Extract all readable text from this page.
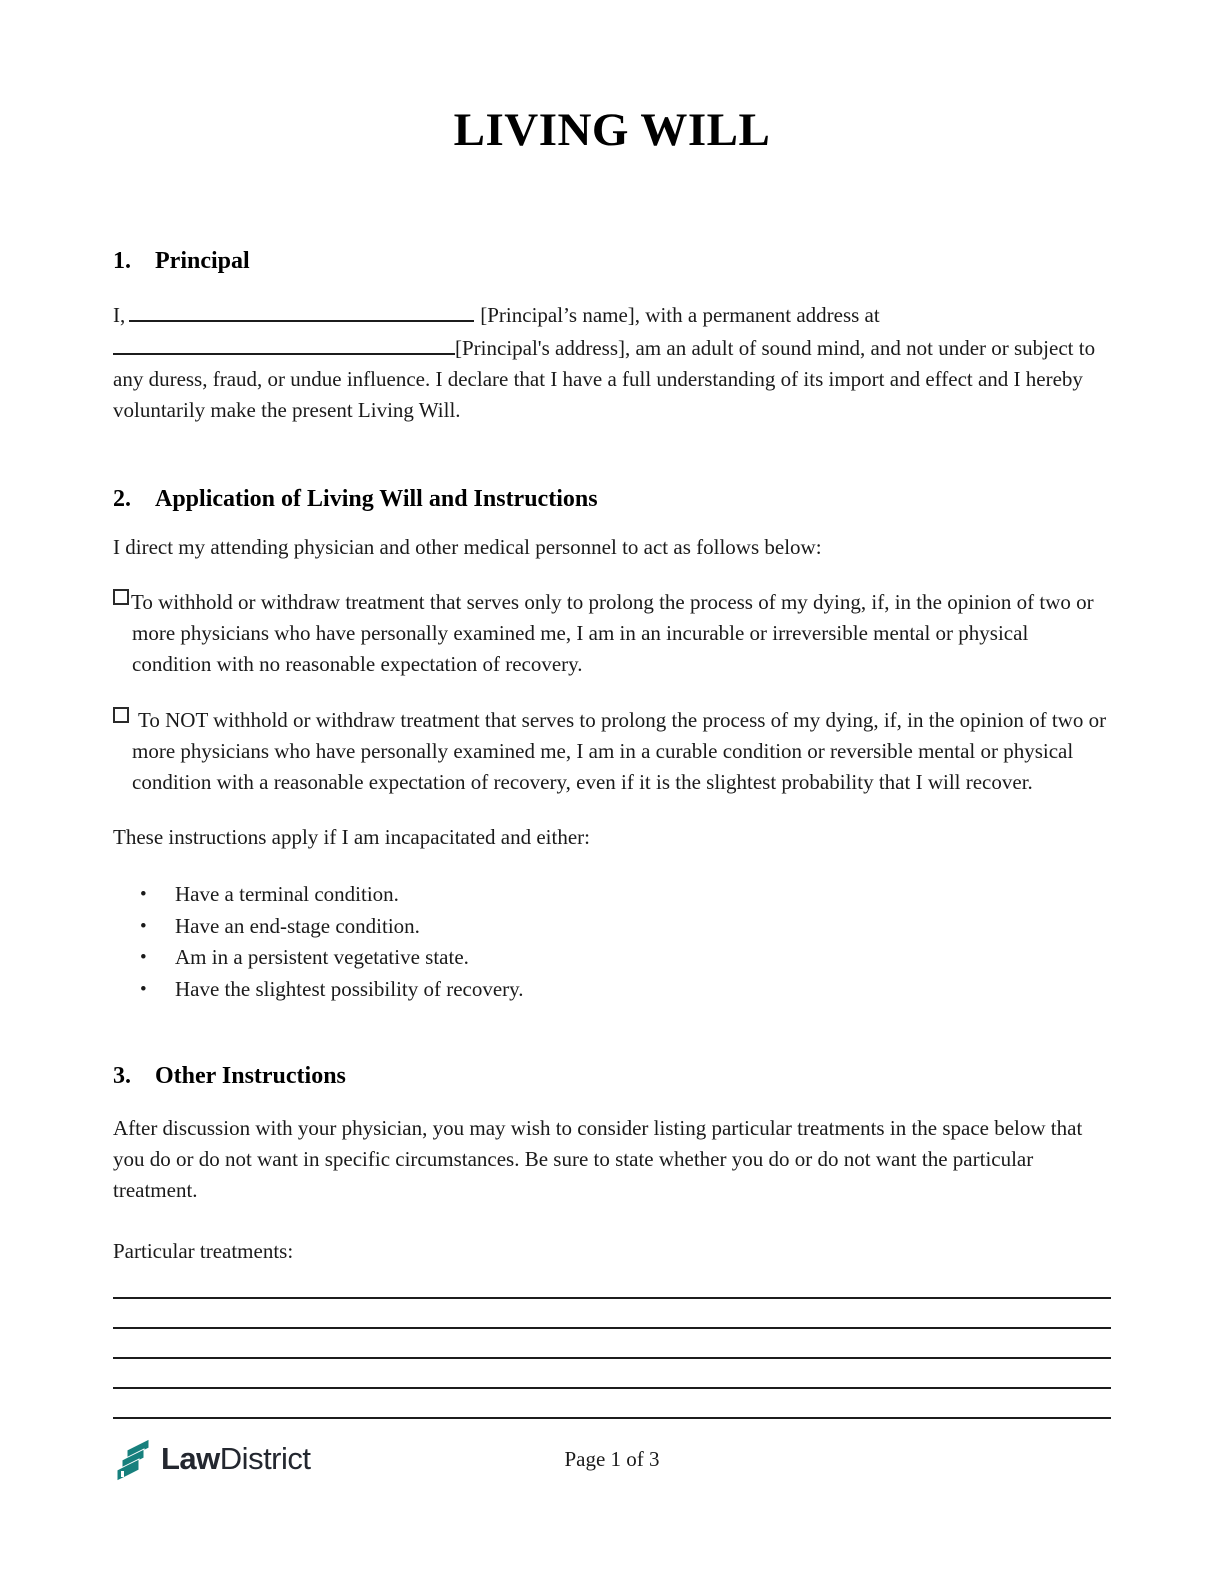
LIVING WILL
1. Principal

I,	[Principal’s name], with a permanent address at [Principal's address], am an adult of sound mind, and not under or subject to any duress, fraud, or undue influence. I declare that I have a full understanding of its import and effect and I hereby voluntarily make the present Living Will.

2. Application of Living Will and Instructions

I direct my attending physician and other medical personnel to act as follows below:

To withhold or withdraw treatment that serves only to prolong the process of my dying, if, in the opinion of two or more physicians who have personally examined me, I am in an incurable or irreversible mental or physical condition with no reasonable expectation of recovery.

To NOT withhold or withdraw treatment that serves to prolong the process of my dying, if, in the opinion of two or more physicians who have personally examined me, I am in a curable condition or reversible mental or physical condition with a reasonable expectation of recovery, even if it is the slightest probability that I will recover.

These instructions apply if I am incapacitated and either:

• Have a terminal condition.
• Have an end-stage condition.
• Am in a persistent vegetative state.
• Have the slightest possibility of recovery.
3. Other Instructions

After discussion with your physician, you may wish to consider listing particular treatments in the space below that you do or do not want in specific circumstances. Be sure to state whether you do or do not want the particular treatment.

Particular treatments:

LawDistrict	Page 1 of 3
